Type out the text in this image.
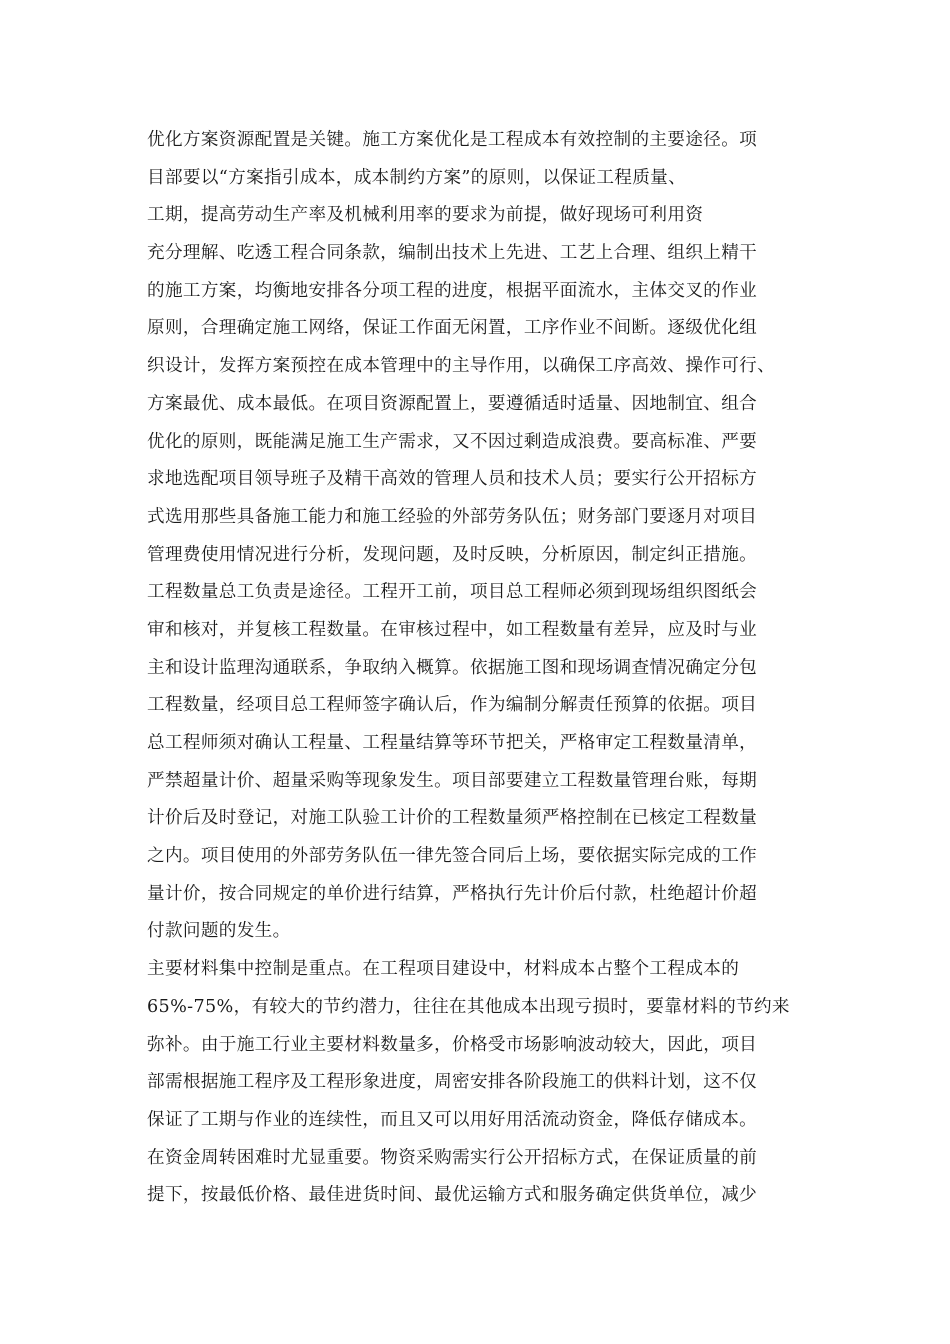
优化方案资源配置是关键。施工方案优化是工程成本有效控制的主要途径。项
目部要以“方案指引成本，成本制约方案”的原则，以保证工程质量、
工期，提高劳动生产率及机械利用率的要求为前提，做好现场可利用资
充分理解、吃透工程合同条款，编制出技术上先进、工艺上合理、组织上精干
的施工方案，均衡地安排各分项工程的进度，根据平面流水，主体交叉的作业
原则，合理确定施工网络，保证工作面无闲置，工序作业不间断。逐级优化组
织设计，发挥方案预控在成本管理中的主导作用，以确保工序高效、操作可行、
方案最优、成本最低。在项目资源配置上，要遵循适时适量、因地制宜、组合
优化的原则，既能满足施工生产需求，又不因过剩造成浪费。要高标准、严要
求地选配项目领导班子及精干高效的管理人员和技术人员；要实行公开招标方
式选用那些具备施工能力和施工经验的外部劳务队伍；财务部门要逐月对项目
管理费使用情况进行分析，发现问题，及时反映，分析原因，制定纠正措施。
工程数量总工负责是途径。工程开工前，项目总工程师必须到现场组织图纸会
审和核对，并复核工程数量。在审核过程中，如工程数量有差异，应及时与业
主和设计监理沟通联系，争取纳入概算。依据施工图和现场调查情况确定分包
工程数量，经项目总工程师签字确认后，作为编制分解责任预算的依据。项目
总工程师须对确认工程量、工程量结算等环节把关，严格审定工程数量清单，
严禁超量计价、超量采购等现象发生。项目部要建立工程数量管理台账，每期
计价后及时登记，对施工队验工计价的工程数量须严格控制在已核定工程数量
之内。项目使用的外部劳务队伍一律先签合同后上场，要依据实际完成的工作
量计价，按合同规定的单价进行结算，严格执行先计价后付款，杜绝超计价超
付款问题的发生。
主要材料集中控制是重点。在工程项目建设中，材料成本占整个工程成本的
65%-75%，有较大的节约潜力，往往在其他成本出现亏损时，要靠材料的节约来
弥补。由于施工行业主要材料数量多，价格受市场影响波动较大，因此，项目
部需根据施工程序及工程形象进度，周密安排各阶段施工的供料计划，这不仅
保证了工期与作业的连续性，而且又可以用好用活流动资金，降低存储成本。
在资金周转困难时尤显重要。物资采购需实行公开招标方式，在保证质量的前
提下，按最低价格、最佳进货时间、最优运输方式和服务确定供货单位，减少
